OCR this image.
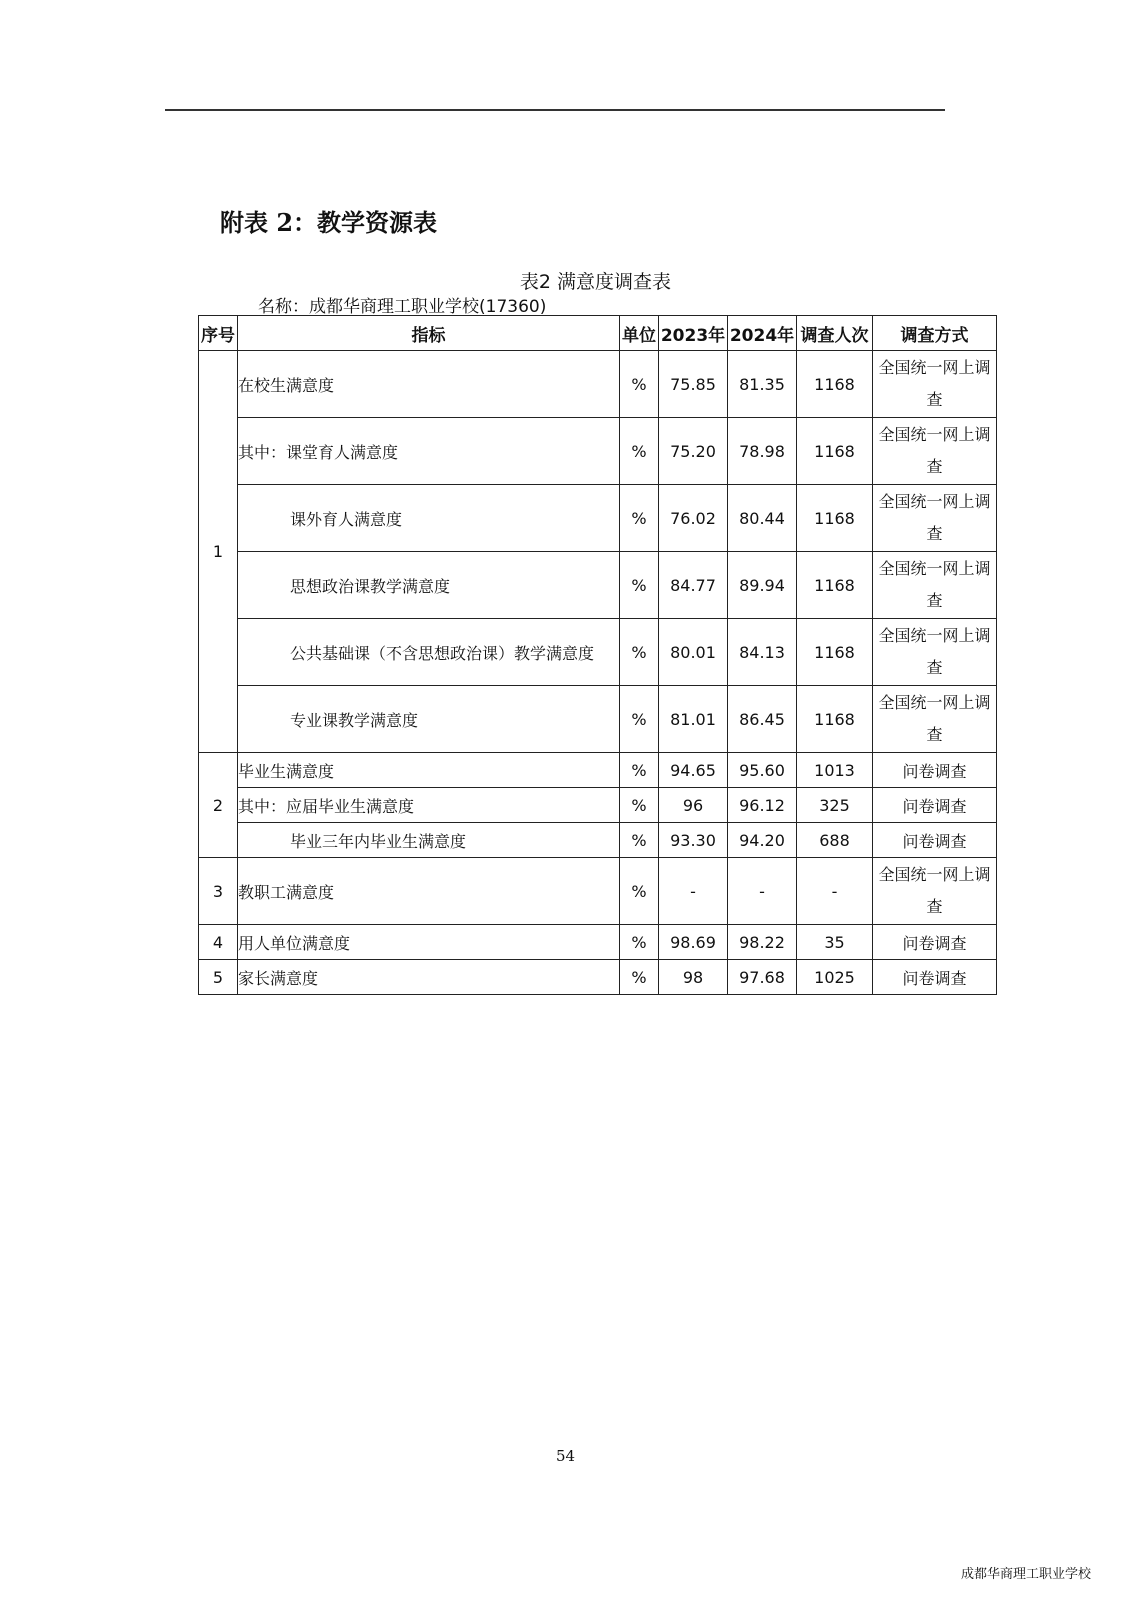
附表 2：教学资源表
表2 满意度调查表
名称：成都华商理工职业学校(17360)
序号	指标	单位	2023年	2024年	调查人次	调查方式
1	在校生满意度	%	75.85	81.35	1168	全国统一网上调查
	其中：课堂育人满意度	%	75.20	78.98	1168	全国统一网上调查
	课外育人满意度	%	76.02	80.44	1168	全国统一网上调查
	思想政治课教学满意度	%	84.77	89.94	1168	全国统一网上调查
	公共基础课（不含思想政治课）教学满意度	%	80.01	84.13	1168	全国统一网上调查
	专业课教学满意度	%	81.01	86.45	1168	全国统一网上调查
2	毕业生满意度	%	94.65	95.60	1013	问卷调查
	其中：应届毕业生满意度	%	96	96.12	325	问卷调查
	毕业三年内毕业生满意度	%	93.30	94.20	688	问卷调查
3	教职工满意度	%	-	-	-	全国统一网上调查
4	用人单位满意度	%	98.69	98.22	35	问卷调查
5	家长满意度	%	98	97.68	1025	问卷调查
54
成都华商理工职业学校
